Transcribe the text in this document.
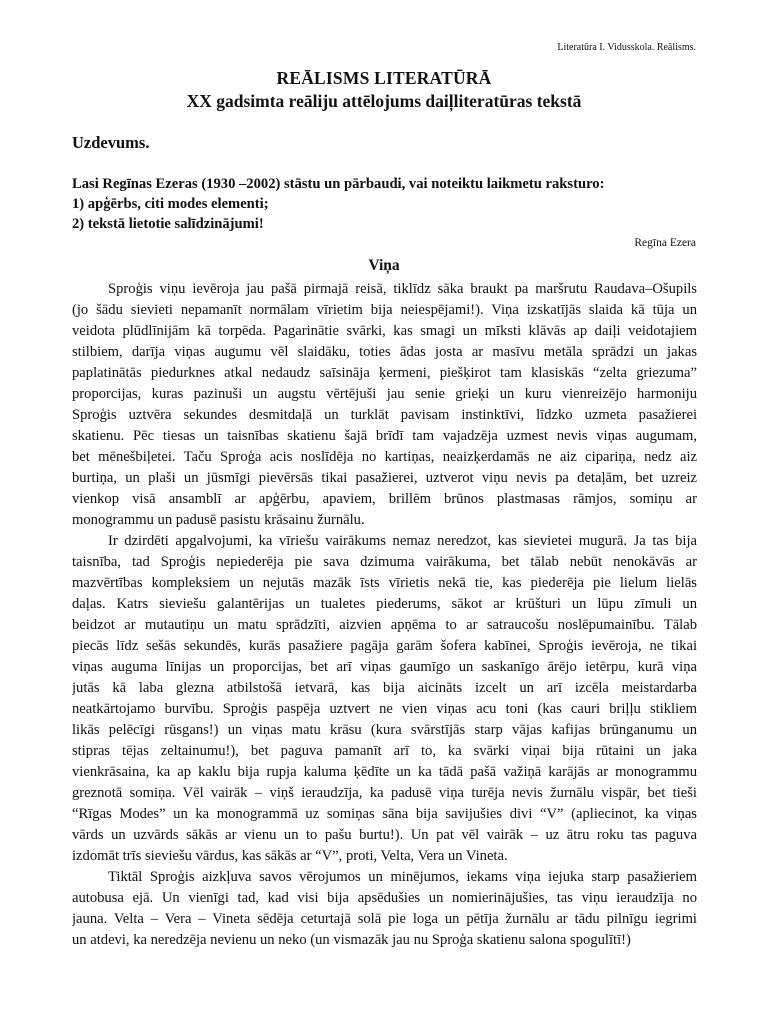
Literatūra I. Vidusskola. Reālisms.
REĀLISMS LITERATŪRĀ
XX gadsimta reāliju attēlojums daiļliteratūras tekstā
Uzdevums.
Lasi Regīnas Ezeras (1930 –2002) stāstu un pārbaudi, vai noteiktu laikmetu raksturo:
1) apģērbs, citi modes elementi;
2) tekstā lietotie salīdzinājumi!
Regīna Ezera
Viņa

Sproģis viņu ievēroja jau pašā pirmajā reisā, tiklīdz sāka braukt pa maršrutu Raudava–Ošupils
(jo šādu sievieti nepamanīt normālam vīrietim bija neiespējami!). Viņa izskatījās slaida kā tūja un
veidota plūdlīnijām kā torpēda. Pagarinātie svārki, kas smagi un mīksti klāvās ap daiļi veidotajiem
stilbiem, darīja viņas augumu vēl slaidāku, toties ādas josta ar masīvu metāla sprādzi un jakas
paplatinātās piedurknes atkal nedaudz saīsināja ķermeni, piešķirot tam klasiskās “zelta griezuma”
proporcijas, kuras pazinuši un augstu vērtējuši jau senie grieķi un kuru vienreizējo harmoniju
Sproģis uztvēra sekundes desmitdaļā un turklāt pavisam instinktīvi, līdzko uzmeta pasažierei
skatienu. Pēc tiesas un taisnības skatienu šajā brīdī tam vajadzēja uzmest nevis viņas augumam,
bet mēnešbiļetei. Taču Sproģa acis noslīdēja no kartiņas, neaizķerdamās ne aiz cipariņa, nedz aiz
burtiņa, un plaši un jūsmīgi pievērsās tikai pasažierei, uztverot viņu nevis pa detaļām, bet uzreiz
vienkop visā ansamblī ar apģērbu, apaviem, brillēm brūnos plastmasas rāmjos, somiņu ar
monogrammu un padusē pasistu krāsainu žurnālu.

Ir dzirdēti apgalvojumi, ka vīriešu vairākums nemaz neredzot, kas sievietei mugurā. Ja tas bija
taisnība, tad Sproģis nepiederēja pie sava dzimuma vairākuma, bet tālab nebūt nenokāvās ar
mazvērtības kompleksiem un nejutās mazāk īsts vīrietis nekā tie, kas piederēja pie lielum lielās
daļas. Katrs sieviešu galantērijas un tualetes piederums, sākot ar krūšturi un lūpu zīmuli un
beidzot ar mutautiņu un matu sprādzīti, aizvien apņēma to ar satraucošu noslēpumainību. Tālab
piecās līdz sešās sekundēs, kurās pasažiere pagāja garām šofera kabīnei, Sproģis ievēroja, ne tikai
viņas auguma līnijas un proporcijas, bet arī viņas gaumīgo un saskanīgo ārējo ietērpu, kurā viņa
jutās kā laba glezna atbilstošā ietvarā, kas bija aicināts izcelt un arī izcēla meistardarba
neatkārtojamo burvību. Sproģis paspēja uztvert ne vien viņas acu toni (kas cauri briļļu stikliem
likās pelēcīgi rūsgans!) un viņas matu krāsu (kura svārstījās starp vājas kafijas brūnganumu un
stipras tējas zeltainumu!), bet paguva pamanīt arī to, ka svārki viņai bija rūtaini un jaka
vienkrāsaina, ka ap kaklu bija rupja kaluma ķēdīte un ka tādā pašā važiņā karājās ar monogrammu
greznotā somiņa. Vēl vairāk – viņš ieraudzīja, ka padusē viņa turēja nevis žurnālu vispār, bet tieši
“Rīgas Modes” un ka monogrammā uz somiņas sāna bija savijušies divi “V” (apliecinot, ka viņas
vārds un uzvārds sākās ar vienu un to pašu burtu!). Un pat vēl vairāk – uz ātru roku tas paguva
izdomāt trīs sieviešu vārdus, kas sākās ar “V”, proti, Velta, Vera un Vineta.

Tiktāl Sproģis aizkļuva savos vērojumos un minējumos, iekams viņa iejuka starp pasažieriem
autobusa ejā. Un vienīgi tad, kad visi bija apsēdušies un nomierinājušies, tas viņu ieraudzīja no
jauna. Velta – Vera – Vineta sēdēja ceturtajā solā pie loga un pētīja žurnālu ar tādu pilnīgu iegrimi
un atdevi, ka neredzēja nevienu un neko (un vismazāk jau nu Sproģa skatienu salona spogulītī!)
